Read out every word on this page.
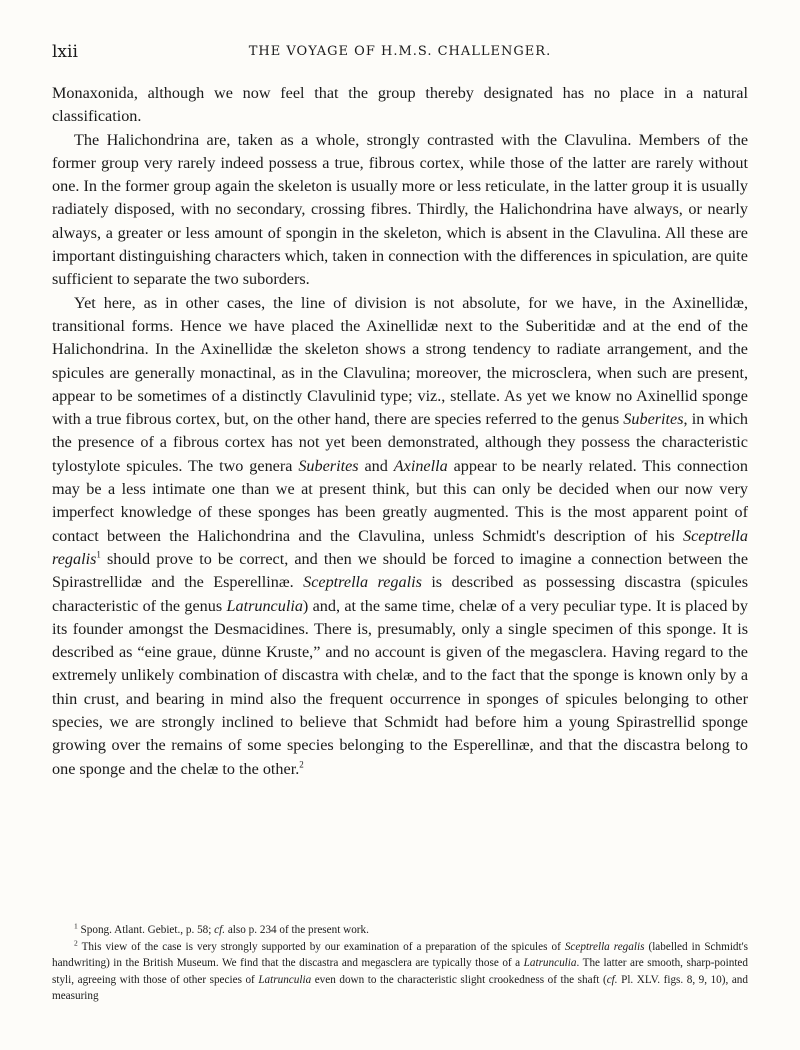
lxii	THE VOYAGE OF H.M.S. CHALLENGER.

Monaxonida, although we now feel that the group thereby designated has no place in a natural classification.

The Halichondrina are, taken as a whole, strongly contrasted with the Clavulina. Members of the former group very rarely indeed possess a true, fibrous cortex, while those of the latter are rarely without one. In the former group again the skeleton is usually more or less reticulate, in the latter group it is usually radiately disposed, with no secondary, crossing fibres. Thirdly, the Halichondrina have always, or nearly always, a greater or less amount of spongin in the skeleton, which is absent in the Clavulina. All these are important distinguishing characters which, taken in connection with the differences in spiculation, are quite sufficient to separate the two suborders.

Yet here, as in other cases, the line of division is not absolute, for we have, in the Axinellidæ, transitional forms. Hence we have placed the Axinellidæ next to the Suberitidæ and at the end of the Halichondrina. In the Axinellidæ the skeleton shows a strong tendency to radiate arrangement, and the spicules are generally monactinal, as in the Clavulina; moreover, the microsclera, when such are present, appear to be sometimes of a distinctly Clavulinid type; viz., stellate. As yet we know no Axinellid sponge with a true fibrous cortex, but, on the other hand, there are species referred to the genus Suberites, in which the presence of a fibrous cortex has not yet been demonstrated, although they possess the characteristic tylostylote spicules. The two genera Suberites and Axinella appear to be nearly related. This connection may be a less intimate one than we at present think, but this can only be decided when our now very imperfect knowledge of these sponges has been greatly augmented. This is the most apparent point of contact between the Halichondrina and the Clavulina, unless Schmidt's description of his Sceptrella regalis$^1$ should prove to be correct, and then we should be forced to imagine a connection between the Spirastrellidæ and the Esperellinæ. Sceptrella regalis is described as possessing discastra (spicules characteristic of the genus Latrunculia) and, at the same time, chelæ of a very peculiar type. It is placed by its founder amongst the Desmacidines. There is, presumably, only a single specimen of this sponge. It is described as “eine graue, dünne Kruste,” and no account is given of the megasclera. Having regard to the extremely unlikely combination of discastra with chelæ, and to the fact that the sponge is known only by a thin crust, and bearing in mind also the frequent occurrence in sponges of spicules belonging to other species, we are strongly inclined to believe that Schmidt had before him a young Spirastrellid sponge growing over the remains of some species belonging to the Esperellinæ, and that the discastra belong to one sponge and the chelæ to the other.$^2$

$^1$ Spong. Atlant. Gebiet., p. 58; cf. also p. 234 of the present work.

$^2$ This view of the case is very strongly supported by our examination of a preparation of the spicules of Sceptrella regalis (labelled in Schmidt's handwriting) in the British Museum. We find that the discastra and megasclera are typically those of a Latrunculia. The latter are smooth, sharp-pointed styli, agreeing with those of other species of Latrunculia even down to the characteristic slight crookedness of the shaft (cf. Pl. XLV. figs. 8, 9, 10), and measuring
